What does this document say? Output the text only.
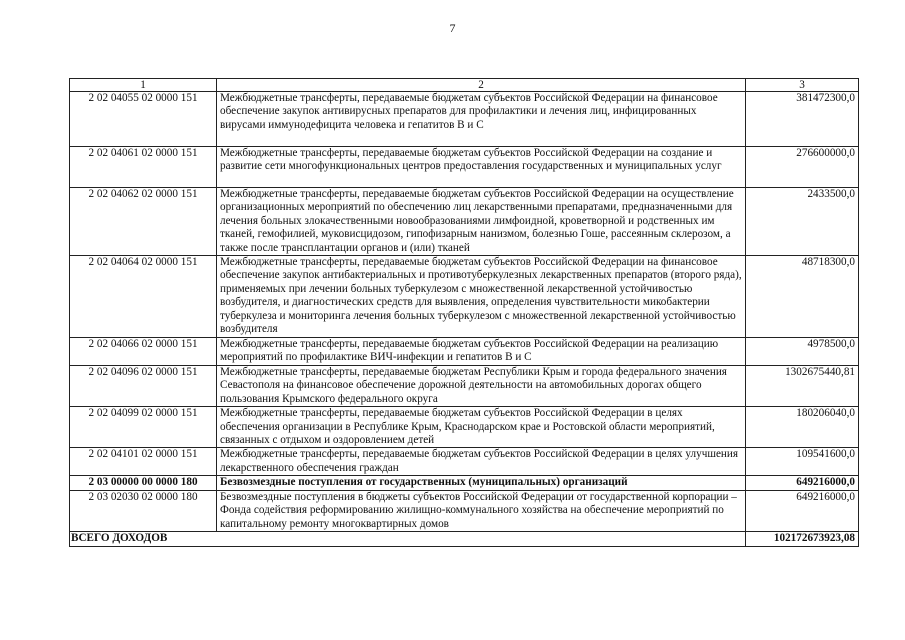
7
1	2	3
2 02 04055 02 0000 151	Межбюджетные трансферты, передаваемые бюджетам субъектов Российской Федерации на финансовое обеспечение закупок антивирусных препаратов для профилактики и лечения лиц, инфицированных вирусами иммунодефицита человека и гепатитов В и С	381472300,0
2 02 04061 02 0000 151	Межбюджетные трансферты, передаваемые бюджетам субъектов Российской Федерации на создание и развитие сети многофункциональных центров предоставления государственных и муниципальных услуг	276600000,0
2 02 04062 02 0000 151	Межбюджетные трансферты, передаваемые бюджетам субъектов Российской Федерации на осуществление организационных мероприятий по обеспечению лиц лекарственными препаратами, предназначенными для лечения больных злокачественными новообразованиями лимфоидной, кроветворной и родственных им тканей, гемофилией, муковисцидозом, гипофизарным нанизмом, болезнью Гоше, рассеянным склерозом, а также после трансплантации органов и (или) тканей	2433500,0
2 02 04064 02 0000 151	Межбюджетные трансферты, передаваемые бюджетам субъектов Российской Федерации на финансовое обеспечение закупок антибактериальных и противотуберкулезных лекарственных препаратов (второго ряда), применяемых при лечении больных туберкулезом с множественной лекарственной устойчивостью возбудителя, и диагностических средств для выявления, определения чувствительности микобактерии туберкулеза и мониторинга лечения больных туберкулезом с множественной лекарственной устойчивостью возбудителя	48718300,0
2 02 04066 02 0000 151	Межбюджетные трансферты, передаваемые бюджетам субъектов Российской Федерации на реализацию мероприятий по профилактике ВИЧ-инфекции и гепатитов В и С	4978500,0
2 02 04096 02 0000 151	Межбюджетные трансферты, передаваемые бюджетам Республики Крым и города федерального значения Севастополя на финансовое обеспечение дорожной деятельности на автомобильных дорогах общего пользования Крымского федерального округа	1302675440,81
2 02 04099 02 0000 151	Межбюджетные трансферты, передаваемые бюджетам субъектов Российской Федерации в целях обеспечения организации в Республике Крым, Краснодарском крае и Ростовской области мероприятий, связанных с отдыхом и оздоровлением детей	180206040,0
2 02 04101 02 0000 151	Межбюджетные трансферты, передаваемые бюджетам субъектов Российской Федерации в целях улучшения лекарственного обеспечения граждан	109541600,0
2 03 00000 00 0000 180	Безвозмездные поступления от государственных (муниципальных) организаций	649216000,0
2 03 02030 02 0000 180	Безвозмездные поступления в бюджеты субъектов Российской Федерации от государственной корпорации – Фонда содействия реформированию жилищно-коммунального хозяйства на обеспечение мероприятий по капитальному ремонту многоквартирных домов	649216000,0
ВСЕГО ДОХОДОВ		102172673923,08
